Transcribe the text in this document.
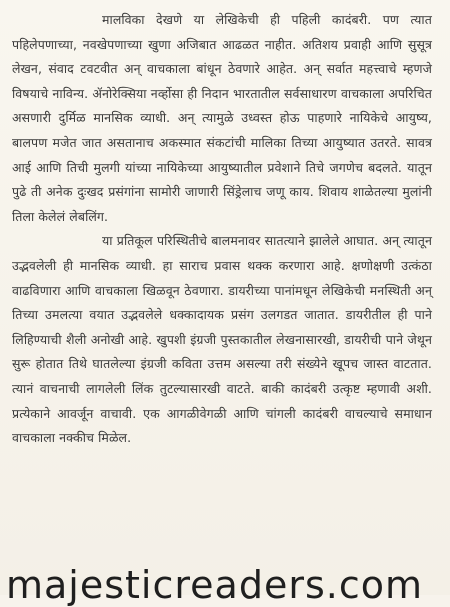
मालविका देखणे या लेखिकेची ही पहिली कादंबरी. पण त्यात पहिलेपणाच्या, नवखेपणाच्या खुणा अजिबात आढळत नाहीत. अतिशय प्रवाही आणि सुसूत्र लेखन, संवाद टवटवीत अन् वाचकाला बांधून ठेवणारे आहेत. अन् सर्वात महत्त्वाचे म्हणजे विषयाचे नाविन्य. ॲनोरेक्सिया नर्व्होसा ही निदान भारतातील सर्वसाधारण वाचकाला अपरिचित असणारी दुर्मिळ मानसिक व्याधी. अन् त्यामुळे उध्वस्त होऊ पाहणारे नायिकेचे आयुष्य, बालपण मजेत जात असतानाच अकस्मात संकटांची मालिका तिच्या आयुष्यात उतरते. सावत्र आई आणि तिची मुलगी यांच्या नायिकेच्या आयुष्यातील प्रवेशाने तिचे जगणेच बदलते. यातून पुढे ती अनेक दुःखद प्रसंगांना सामोरी जाणारी सिंड्रेलाच जणू काय. शिवाय शाळेतल्या मुलांनी तिला केलेलं लेबलिंग.

या प्रतिकूल परिस्थितीचे बालमनावर सातत्याने झालेले आघात. अन् त्यातून उद्भवलेली ही मानसिक व्याधी. हा साराच प्रवास थक्क करणारा आहे. क्षणोक्षणी उत्कंठा वाढविणारा आणि वाचकाला खिळवून ठेवणारा. डायरीच्या पानांमधून लेखिकेची मनस्थिती अन् तिच्या उमलत्या वयात उद्भवलेले धक्कादायक प्रसंग उलगडत जातात. डायरीतील ही पाने लिहिण्याची शैली अनोखी आहे. खुपशी इंग्रजी पुस्तकातील लेखनासारखी, डायरीची पाने जेथून सुरू होतात तिथे घातलेल्या इंग्रजी कविता उत्तम असल्या तरी संख्येने खूपच जास्त वाटतात. त्यानं वाचनाची लागलेली लिंक तुटल्यासारखी वाटते. बाकी कादंबरी उत्कृष्ट म्हणावी अशी. प्रत्येकाने आवर्जून वाचावी. एक आगळीवेगळी आणि चांगली कादंबरी वाचल्याचे समाधान वाचकाला नक्कीच मिळेल.

majesticreaders.com
